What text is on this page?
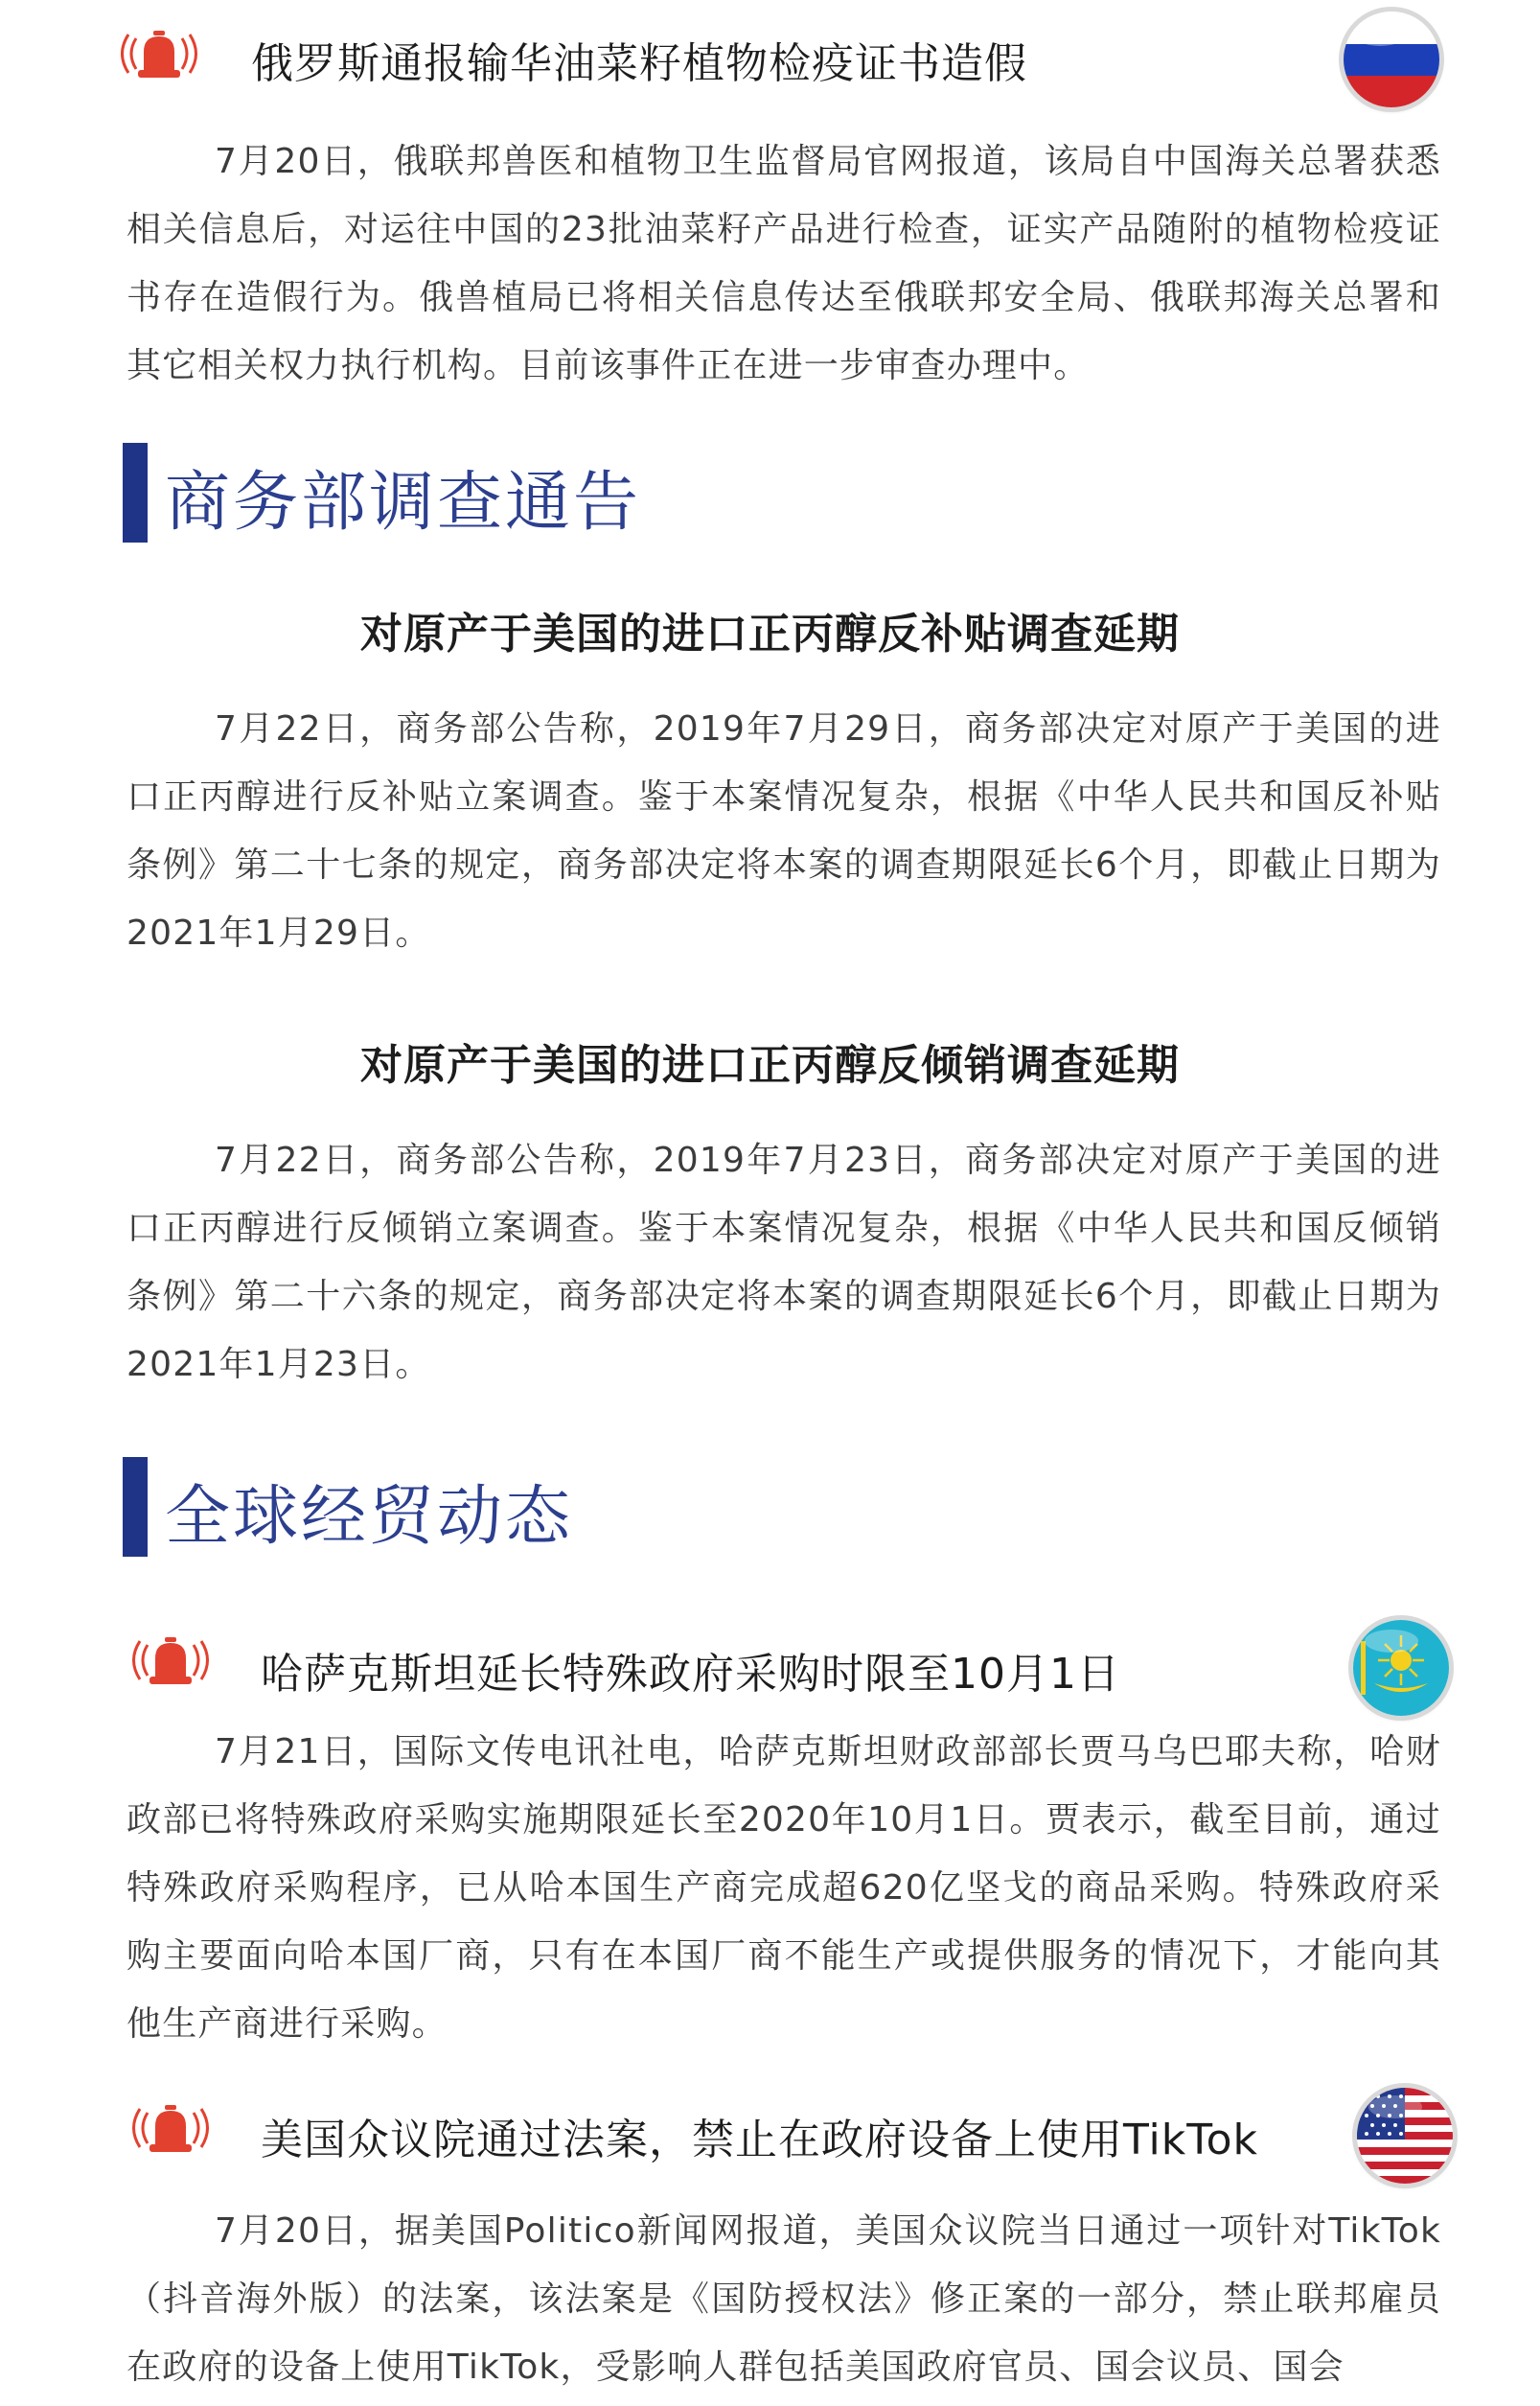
俄罗斯通报输华油菜籽植物检疫证书造假

7月20日，俄联邦兽医和植物卫生监督局官网报道，该局自中国海关总署获悉相关信息后，对运往中国的23批油菜籽产品进行检查，证实产品随附的植物检疫证书存在造假行为。俄兽植局已将相关信息传达至俄联邦安全局、俄联邦海关总署和其它相关权力执行机构。目前该事件正在进一步审查办理中。

商务部调查通告
对原产于美国的进口正丙醇反补贴调查延期

7月22日，商务部公告称，2019年7月29日，商务部决定对原产于美国的进口正丙醇进行反补贴立案调查。鉴于本案情况复杂，根据《中华人民共和国反补贴条例》第二十七条的规定，商务部决定将本案的调查期限延长6个月，即截止日期为2021年1月29日。

对原产于美国的进口正丙醇反倾销调查延期

7月22日，商务部公告称，2019年7月23日，商务部决定对原产于美国的进口正丙醇进行反倾销立案调查。鉴于本案情况复杂，根据《中华人民共和国反倾销条例》第二十六条的规定，商务部决定将本案的调查期限延长6个月，即截止日期为2021年1月23日。

全球经贸动态
哈萨克斯坦延长特殊政府采购时限至10月1日

7月21日，国际文传电讯社电，哈萨克斯坦财政部部长贾马乌巴耶夫称，哈财政部已将特殊政府采购实施期限延长至2020年10月1日。贾表示，截至目前，通过特殊政府采购程序，已从哈本国生产商完成超620亿坚戈的商品采购。特殊政府采购主要面向哈本国厂商，只有在本国厂商不能生产或提供服务的情况下，才能向其他生产商进行采购。

美国众议院通过法案，禁止在政府设备上使用TikTok

7月20日，据美国Politico新闻网报道，美国众议院当日通过一项针对TikTok（抖音海外版）的法案，该法案是《国防授权法》修正案的一部分，禁止联邦雇员在政府的设备上使用TikTok，受影响人群包括美国政府官员、国会议员、国会
